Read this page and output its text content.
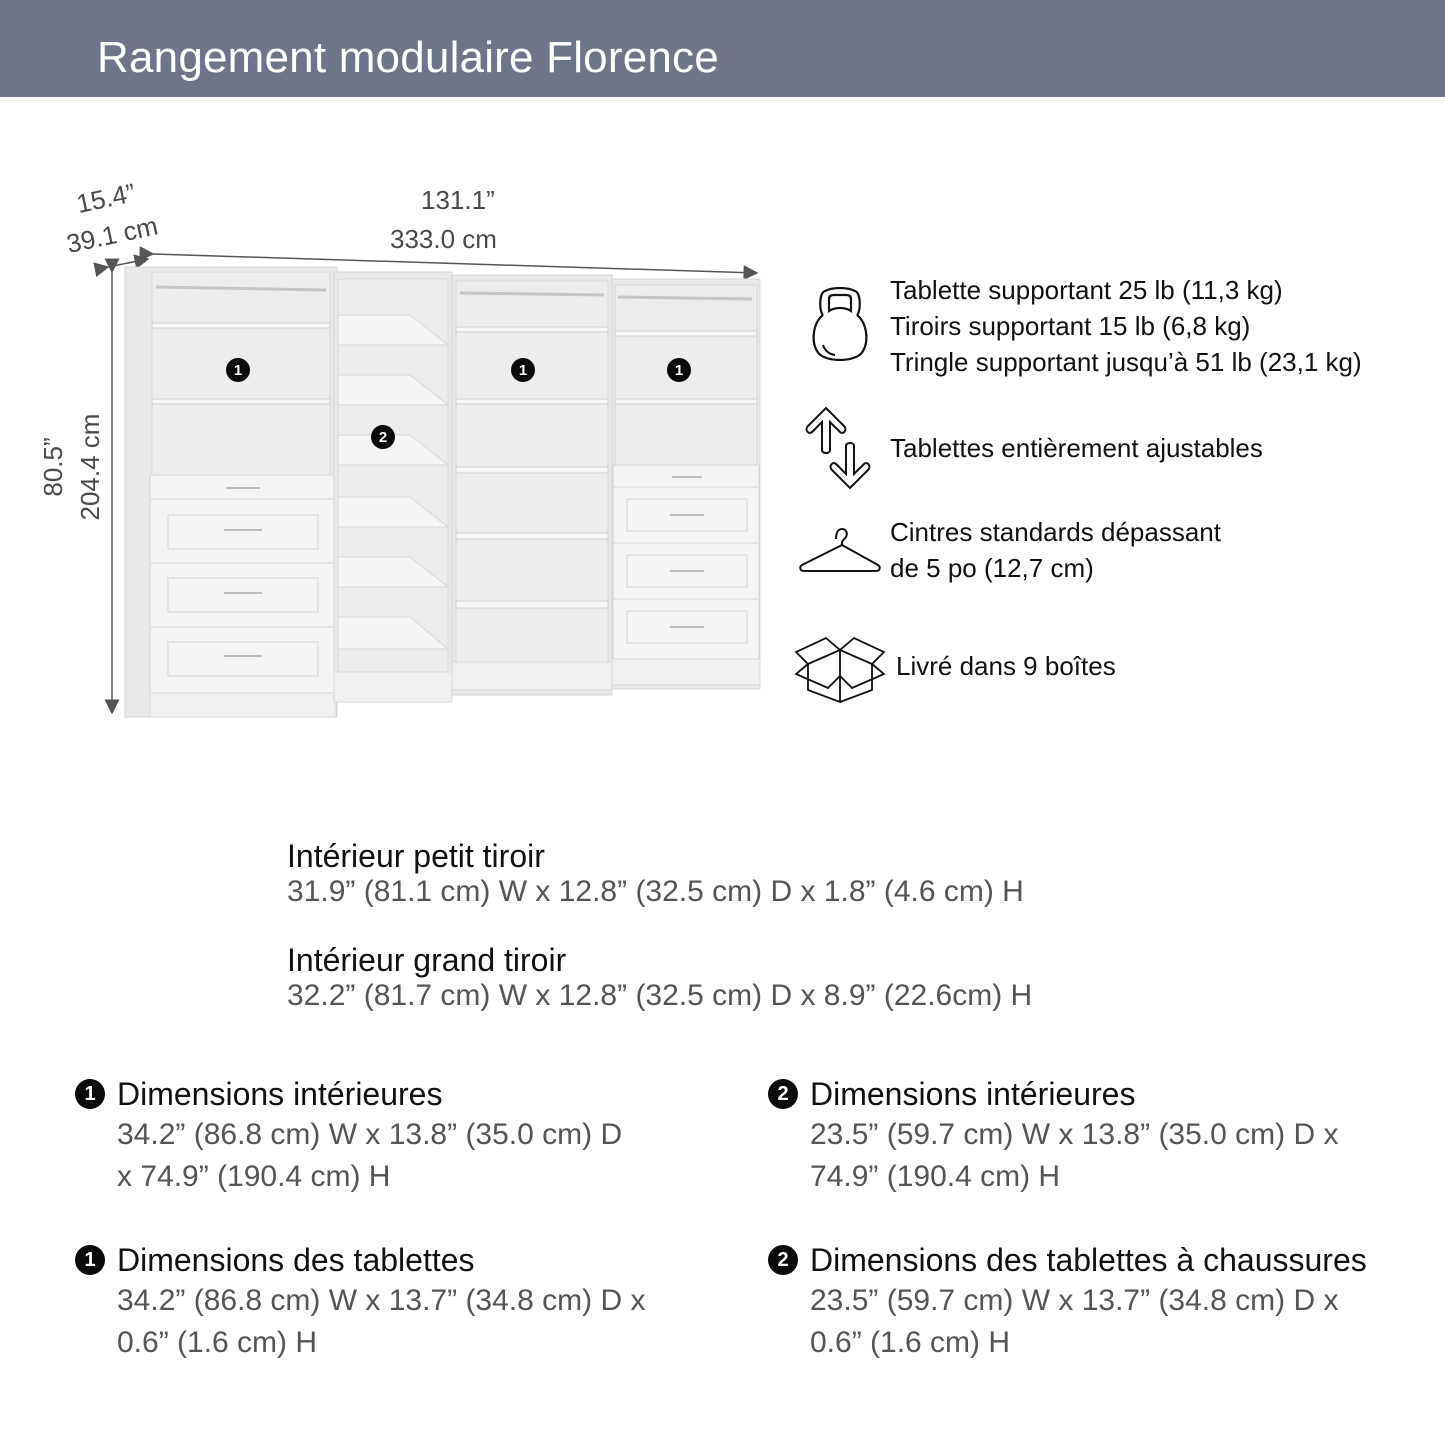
Rangement modulaire Florence
15.4”
39.1 cm
131.1”
333.0 cm
80.5” 204.4 cm
1
2
1	1
Tablette supportant 25 lb (11,3 kg)
Tiroirs supportant 15 lb (6,8 kg)
Tringle supportant jusqu’à 51 lb (23,1 kg)
Tablettes entièrement ajustables
Cintres standards dépassant
de 5 po (12,7 cm)
Livré dans 9 boîtes
Intérieur petit tiroir
31.9” (81.1 cm) W x 12.8” (32.5 cm) D x 1.8” (4.6 cm) H
Intérieur grand tiroir
32.2” (81.7 cm) W x 12.8” (32.5 cm) D x 8.9” (22.6cm) H
1 Dimensions intérieures
34.2” (86.8 cm) W x 13.8” (35.0 cm) D
x 74.9” (190.4 cm) H
2 Dimensions intérieures
23.5” (59.7 cm) W x 13.8” (35.0 cm) D x
74.9” (190.4 cm) H
1 Dimensions des tablettes
34.2” (86.8 cm) W x 13.7” (34.8 cm) D x
0.6” (1.6 cm) H
2 Dimensions des tablettes à chaussures
23.5” (59.7 cm) W x 13.7” (34.8 cm) D x
0.6” (1.6 cm) H
